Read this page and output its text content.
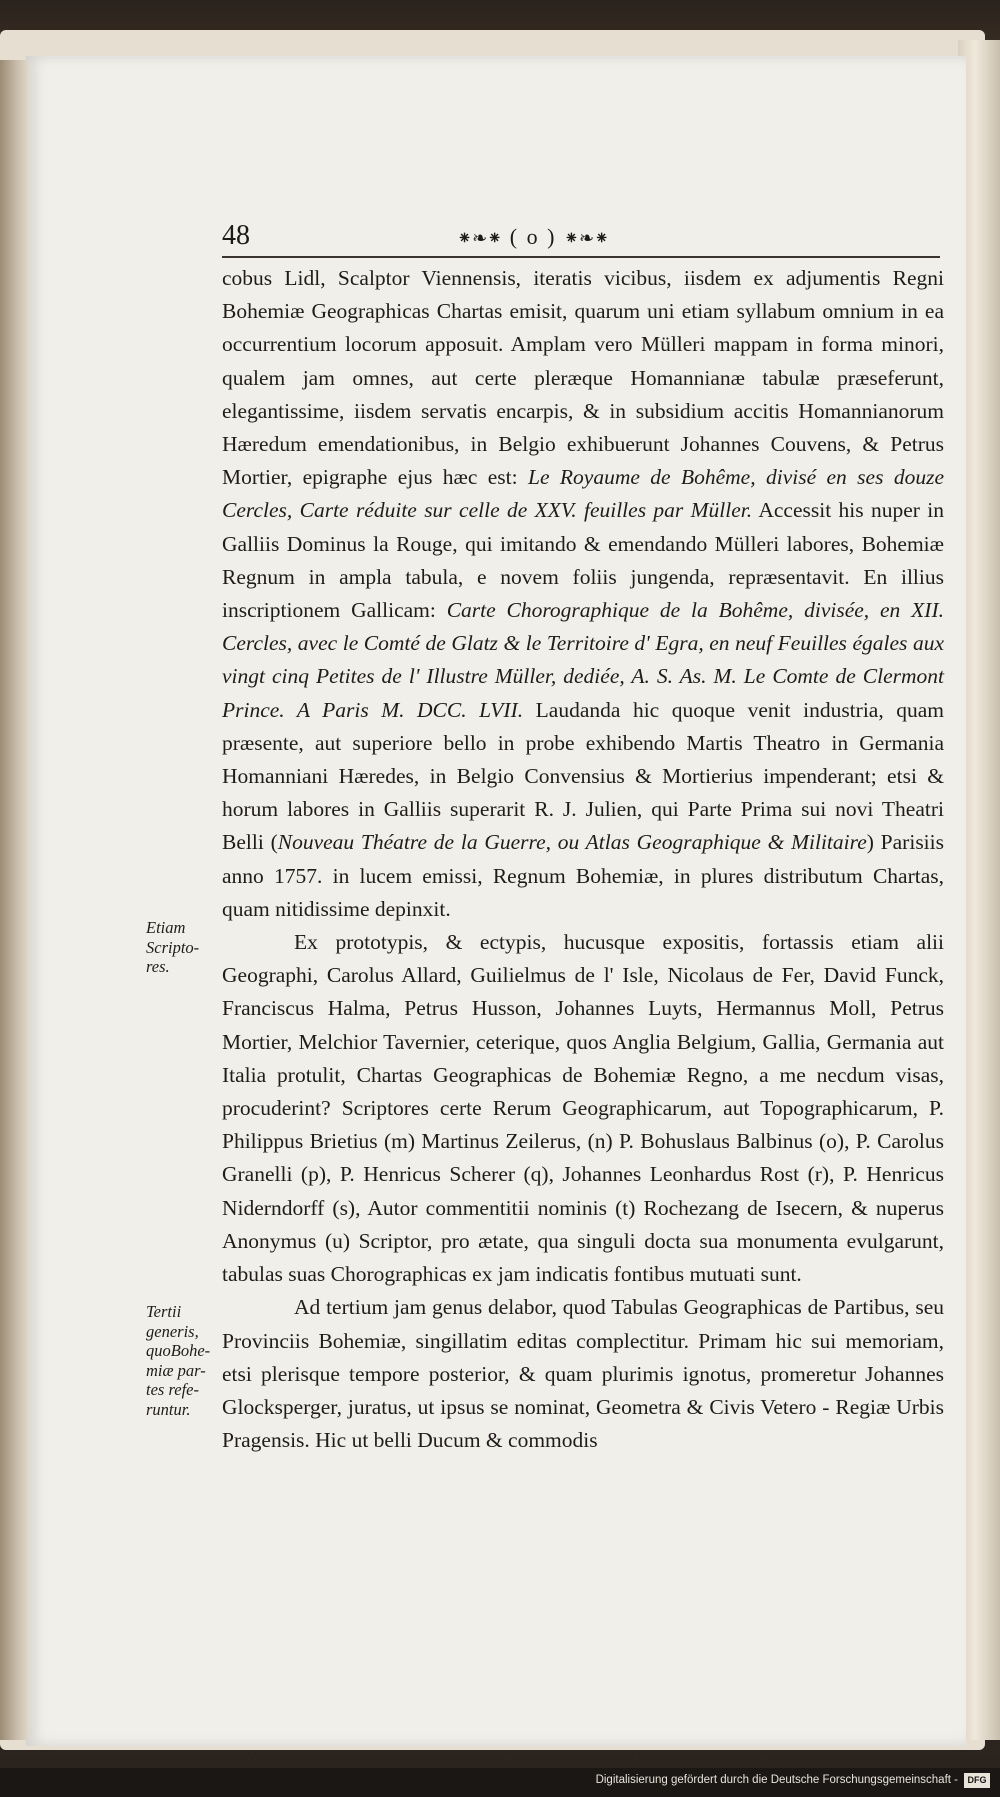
48	⁕❧⁕ ( o ) ⁕❧⁕

cobus Lidl, Scalptor Viennensis, iteratis vicibus, iisdem ex adjumentis Regni Bohemiæ Geographicas Chartas emisit, quarum uni etiam syllabum omnium in ea occurrentium locorum apposuit. Amplam vero Mülleri mappam in forma minori, qualem jam omnes, aut certe pleræque Homannianæ tabulæ præseferunt, elegantissime, iisdem servatis encarpis, & in subsidium accitis Homannianorum Hæredum emendationibus, in Belgio exhibuerunt Johannes Couvens, & Petrus Mortier, epigraphe ejus hæc est: Le Royaume de Bohême, divisé en ses douze Cercles, Carte réduite sur celle de XXV. feuilles par Müller. Accessit his nuper in Galliis Dominus la Rouge, qui imitando & emendando Mülleri labores, Bohemiæ Regnum in ampla tabula, e novem foliis jungenda, repræsentavit. En illius inscriptionem Gallicam: Carte Chorographique de la Bohême, divisée, en XII. Cercles, avec le Comté de Glatz & le Territoire d' Egra, en neuf Feuilles égales aux vingt cinq Petites de l' Illustre Müller, dediée, A. S. As. M. Le Comte de Clermont Prince. A Paris M. DCC. LVII. Laudanda hic quoque venit industria, quam præsente, aut superiore bello in probe exhibendo Martis Theatro in Germania Homanniani Hæredes, in Belgio Convensius & Mortierius impenderant; etsi & horum labores in Galliis superarit R. J. Julien, qui Parte Prima sui novi Theatri Belli (Nouveau Théatre de la Guerre, ou Atlas Geographique & Militaire) Parisiis anno 1757. in lucem emissi, Regnum Bohemiæ, in plures distributum Chartas, quam nitidissime depinxit.

Ex prototypis, & ectypis, hucusque expositis, fortassis etiam alii Geographi, Carolus Allard, Guilielmus de l' Isle, Nicolaus de Fer, David Funck, Franciscus Halma, Petrus Husson, Johannes Luyts, Hermannus Moll, Petrus Mortier, Melchior Tavernier, ceterique, quos Anglia Belgium, Gallia, Germania aut Italia protulit, Chartas Geographicas de Bohemiæ Regno, a me necdum visas, procuderint? Scriptores certe Rerum Geographicarum, aut Topographicarum, P. Philippus Brietius (m) Martinus Zeilerus, (n) P. Bohuslaus Balbinus (o), P. Carolus Granelli (p), P. Henricus Scherer (q), Johannes Leonhardus Rost (r), P. Henricus Niderndorff (s), Autor commentitii nominis (t) Rochezang de Isecern, & nuperus Anonymus (u) Scriptor, pro ætate, qua singuli docta sua monumenta evulgarunt, tabulas suas Chorographicas ex jam indicatis fontibus mutuati sunt.

Ad tertium jam genus delabor, quod Tabulas Geographicas de Partibus, seu Provinciis Bohemiæ, singillatim editas complectitur. Primam hic sui memoriam, etsi plerisque tempore posterior, & quam plurimis ignotus, promeretur Johannes Glocksperger, juratus, ut ipsus se nominat, Geometra & Civis Vetero - Regiæ Urbis Pragensis. Hic ut belli Ducum & commodis

Etiam
Scripto-
res.
Tertii
generis,
quoBohe-
miæ par-
tes refe-
runtur.
Digitalisierung gefördert durch die Deutsche Forschungsgemeinschaft -	DFG
